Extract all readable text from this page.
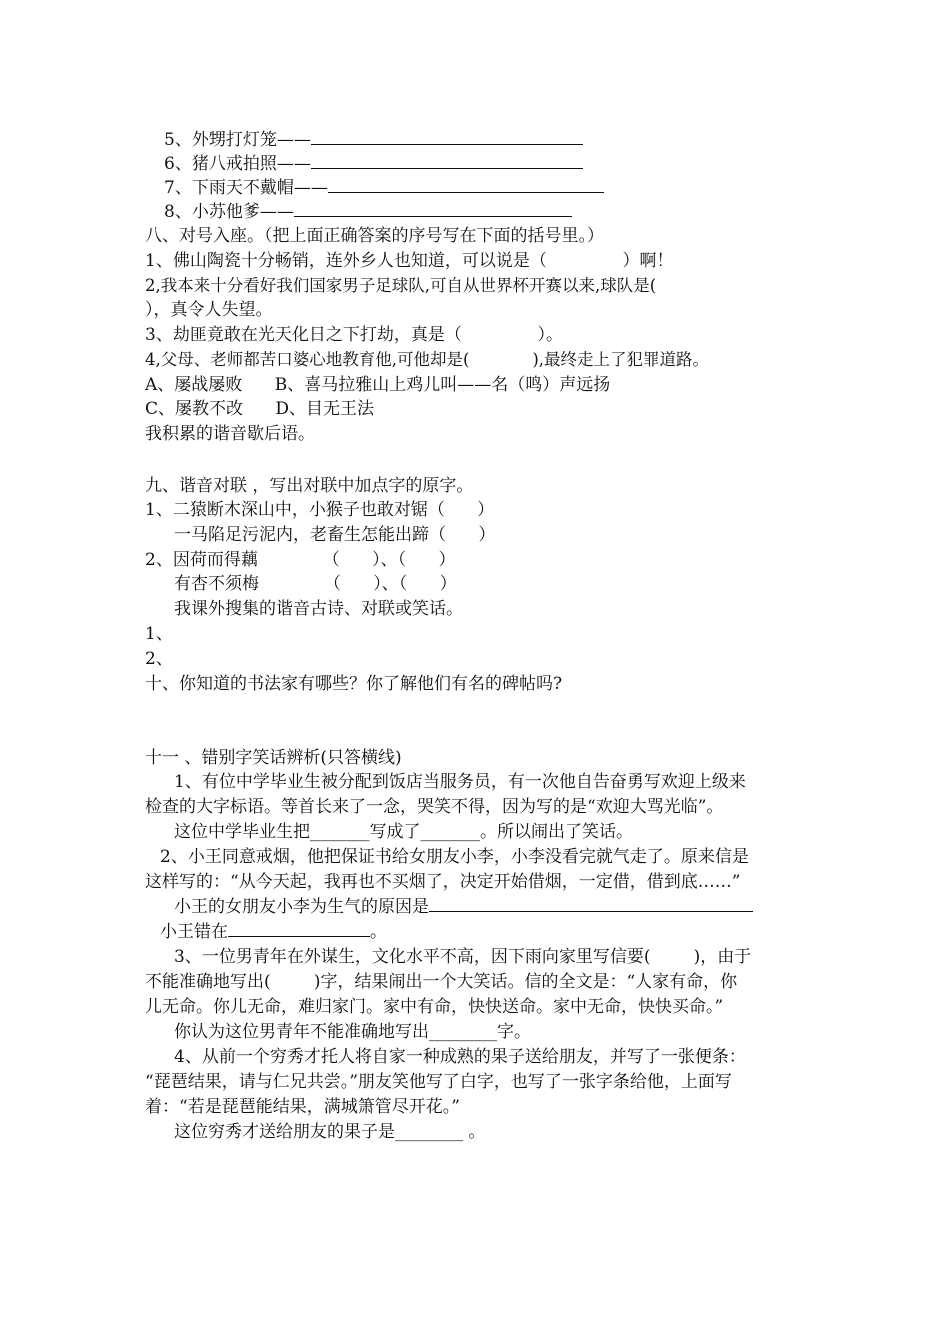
5、外甥打灯笼——
6、猪八戒拍照——
7、下雨天不戴帽——
8、小苏他爹——
八、对号入座。（把上面正确答案的序号写在下面的括号里。）
1、佛山陶瓷十分畅销，连外乡人也知道，可以说是（              ）啊！
2,我本来十分看好我们国家男子足球队,可自从世界杯开赛以来,球队是(
），真令人失望。
3、劫匪竟敢在光天化日之下打劫，真是（              ）。
4,父母、老师都苦口婆心地教育他,可他却是(            ),最终走上了犯罪道路。
A、屡战屡败      B、喜马拉雅山上鸡儿叫——名（鸣）声远扬
C、屡教不改      D、目无王法
我积累的谐音歇后语。
九、谐音对联 ，写出对联中加点字的原字。
1、二猿断木深山中，小猴子也敢对锯（      ）
一马陷足污泥内，老畜生怎能出蹄（      ）
2、因荷而得藕            （      ）、（      ）
有杏不须梅            （      ）、（      ）
我课外搜集的谐音古诗、对联或笑话。
1、
2、
十、你知道的书法家有哪些？你了解他们有名的碑帖吗?
十一 、错别字笑话辨析(只答横线)
1、有位中学毕业生被分配到饭店当服务员，有一次他自告奋勇写欢迎上级来
检查的大字标语。等首长来了一念，哭笑不得，因为写的是“欢迎大骂光临”。
这位中学毕业生把_______写成了_______。所以闹出了笑话。
2、小王同意戒烟，他把保证书给女朋友小李，小李没看完就气走了。原来信是
这样写的：“从今天起，我再也不买烟了，决定开始借烟，一定借，借到底……”
小王的女朋友小李为生气的原因是
小王错在	。
3、一位男青年在外谋生，文化水平不高，因下雨向家里写信要(        )，由于
不能准确地写出(        )字，结果闹出一个大笑话。信的全文是：“人家有命，你
儿无命。你儿无命，难归家门。家中有命，快快送命。家中无命，快快买命。”
你认为这位男青年不能准确地写出________字。
4、从前一个穷秀才托人将自家一种成熟的果子送给朋友，并写了一张便条：
“琵琶结果，请与仁兄共尝。”朋友笑他写了白字，也写了一张字条给他，上面写
着：“若是琵琶能结果，满城箫管尽开花。”
这位穷秀才送给朋友的果子是________ 。
